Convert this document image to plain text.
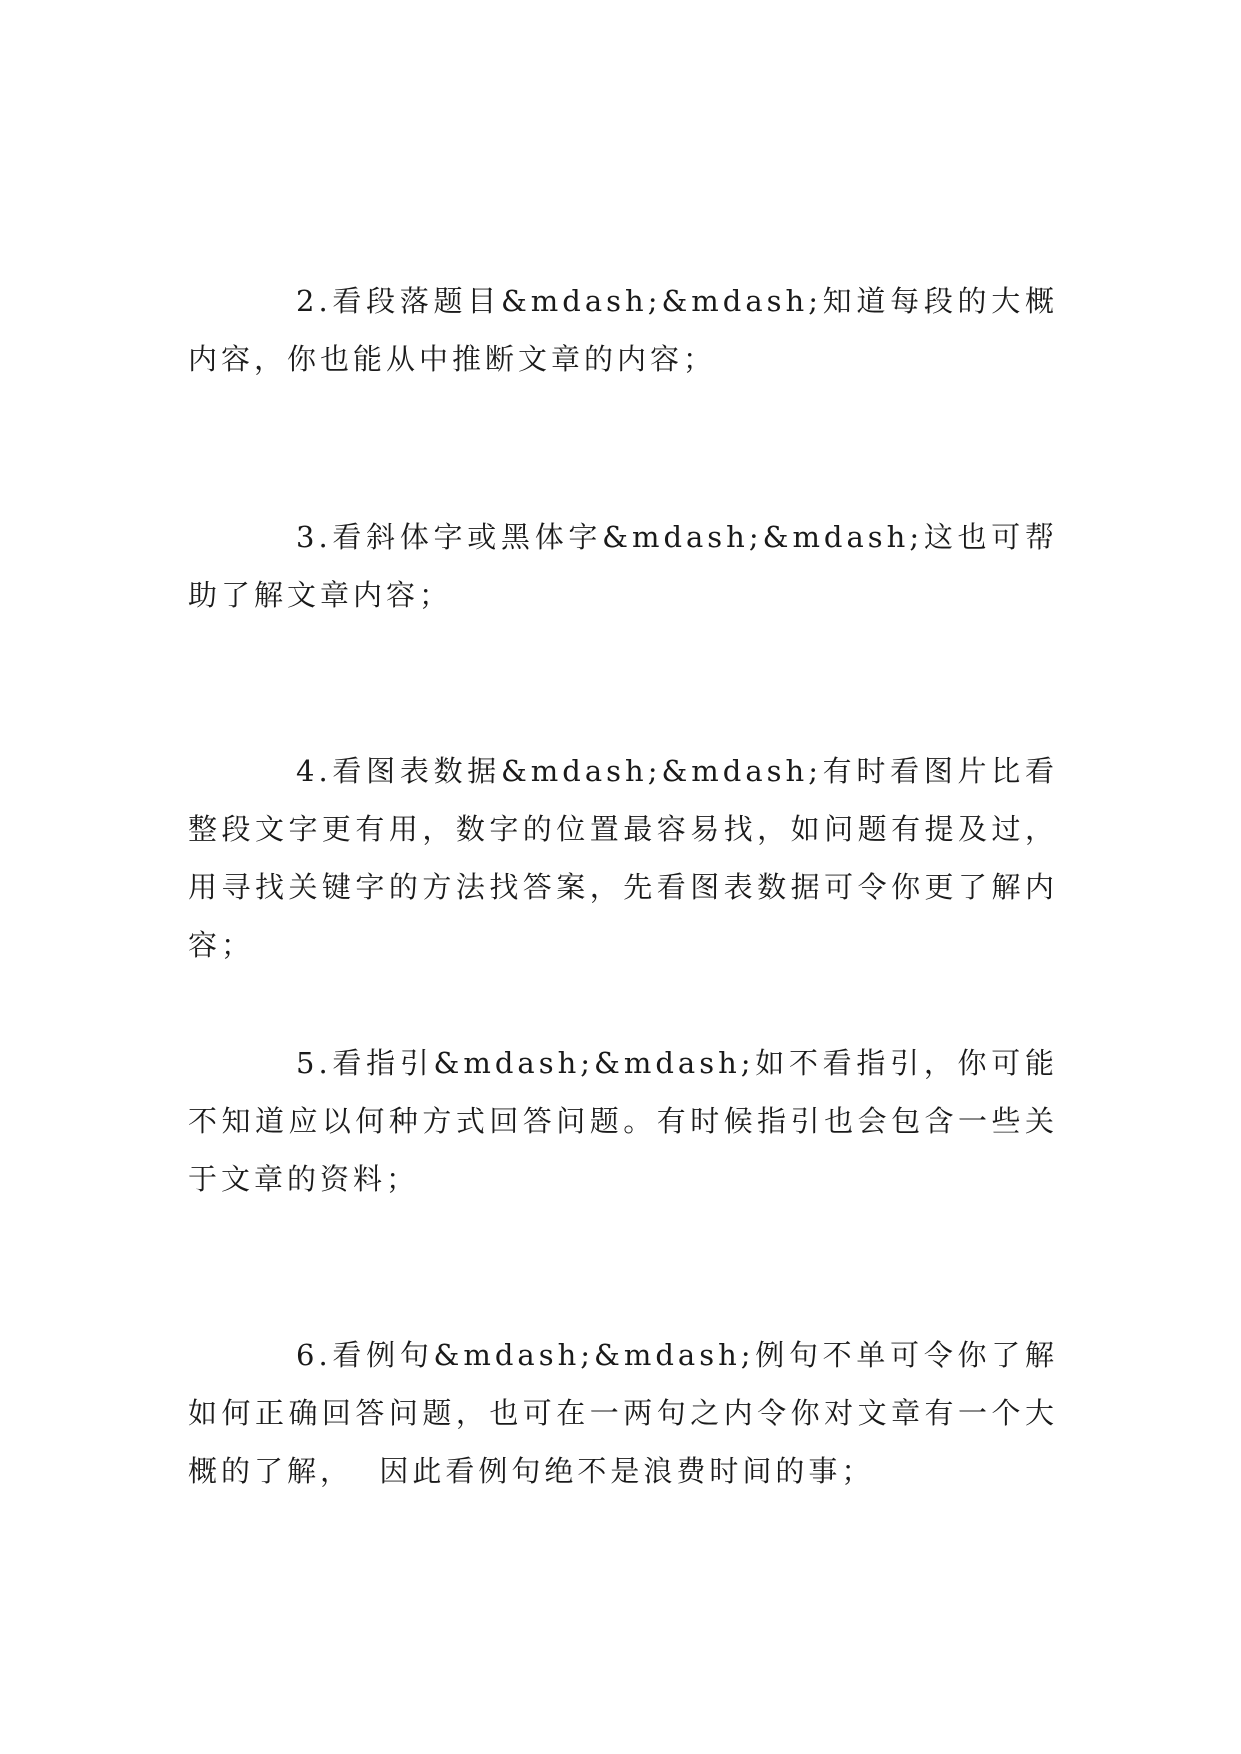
2.看段落题目&mdash;&mdash;知道每段的大概内容，你也能从中推断文章的内容；

3.看斜体字或黑体字&mdash;&mdash;这也可帮助了解文章内容；

4.看图表数据&mdash;&mdash;有时看图片比看整段文字更有用，数字的位置最容易找，如问题有提及过，用寻找关键字的方法找答案，先看图表数据可令你更了解内容；

5.看指引&mdash;&mdash;如不看指引，你可能不知道应以何种方式回答问题。有时候指引也会包含一些关于文章的资料；

6.看例句&mdash;&mdash;例句不单可令你了解如何正确回答问题，也可在一两句之内令你对文章有一个大概的了解，  因此看例句绝不是浪费时间的事；
